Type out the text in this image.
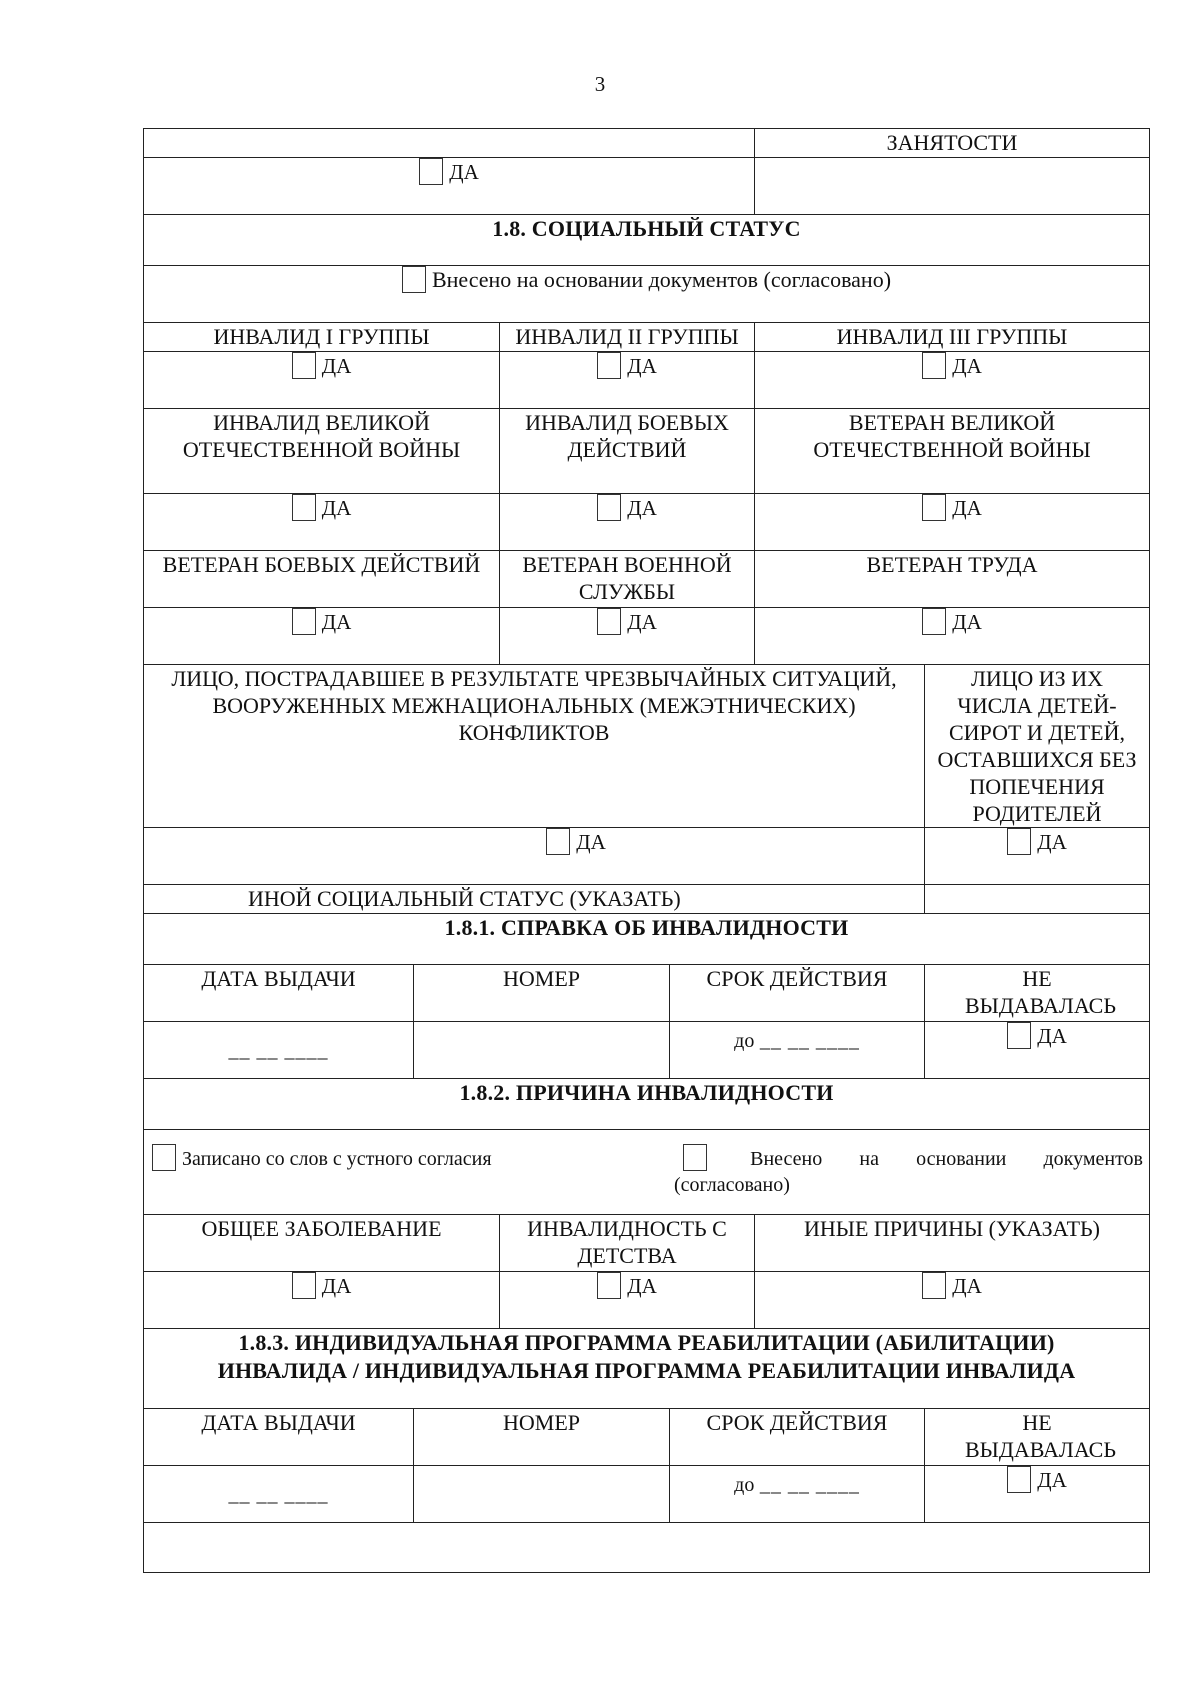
3
				ЗАНЯТОСТИ	
ДА					
1.8. СОЦИАЛЬНЫЙ СТАТУС					
Внесено на основании документов (согласовано)					
ИНВАЛИД I ГРУППЫ		ИНВАЛИД II ГРУППЫ		ИНВАЛИД III ГРУППЫ	
ДА		ДА		ДА	
ИНВАЛИД ВЕЛИКОЙ ОТЕЧЕСТВЕННОЙ ВОЙНЫ		ИНВАЛИД БОЕВЫХ ДЕЙСТВИЙ		ВЕТЕРАН ВЕЛИКОЙ ОТЕЧЕСТВЕННОЙ ВОЙНЫ	
ДА		ДА		ДА	
ВЕТЕРАН БОЕВЫХ ДЕЙСТВИЙ		ВЕТЕРАН ВОЕННОЙ СЛУЖБЫ		ВЕТЕРАН ТРУДА	
ДА		ДА		ДА	
ЛИЦО, ПОСТРАДАВШЕЕ В РЕЗУЛЬТАТЕ ЧРЕЗВЫЧАЙНЫХ СИТУАЦИЙ, ВООРУЖЕННЫХ МЕЖНАЦИОНАЛЬНЫХ (МЕЖЭТНИЧЕСКИХ) КОНФЛИКТОВ					ЛИЦО ИЗ ИХ ЧИСЛА ДЕТЕЙ-СИРОТ И ДЕТЕЙ, ОСТАВШИХСЯ БЕЗ ПОПЕЧЕНИЯ РОДИТЕЛЕЙ
ДА					ДА
ИНОЙ СОЦИАЛЬНЫЙ СТАТУС (УКАЗАТЬ)					
1.8.1. СПРАВКА ОБ ИНВАЛИДНОСТИ					
ДАТА ВЫДАЧИ	НОМЕР		СРОК ДЕЙСТВИЯ		НЕ ВЫДАВАЛАСЬ
__ __ ____			до __ __ ____		ДА
1.8.2. ПРИЧИНА ИНВАЛИДНОСТИ					

Записано со слов с устного согласия Внесено на основании документов
(согласовано)					

ОБЩЕЕ ЗАБОЛЕВАНИЕ		ИНВАЛИДНОСТЬ С ДЕТСТВА		ИНЫЕ ПРИЧИНЫ (УКАЗАТЬ)	
ДА		ДА		ДА	

1.8.3. ИНДИВИДУАЛЬНАЯ ПРОГРАММА РЕАБИЛИТАЦИИ (АБИЛИТАЦИИ)
ИНВАЛИДА / ИНДИВИДУАЛЬНАЯ ПРОГРАММА РЕАБИЛИТАЦИИ ИНВАЛИДА					

ДАТА ВЫДАЧИ	НОМЕР		СРОК ДЕЙСТВИЯ		НЕ ВЫДАВАЛАСЬ
__ __ ____			до __ __ ____		ДА
